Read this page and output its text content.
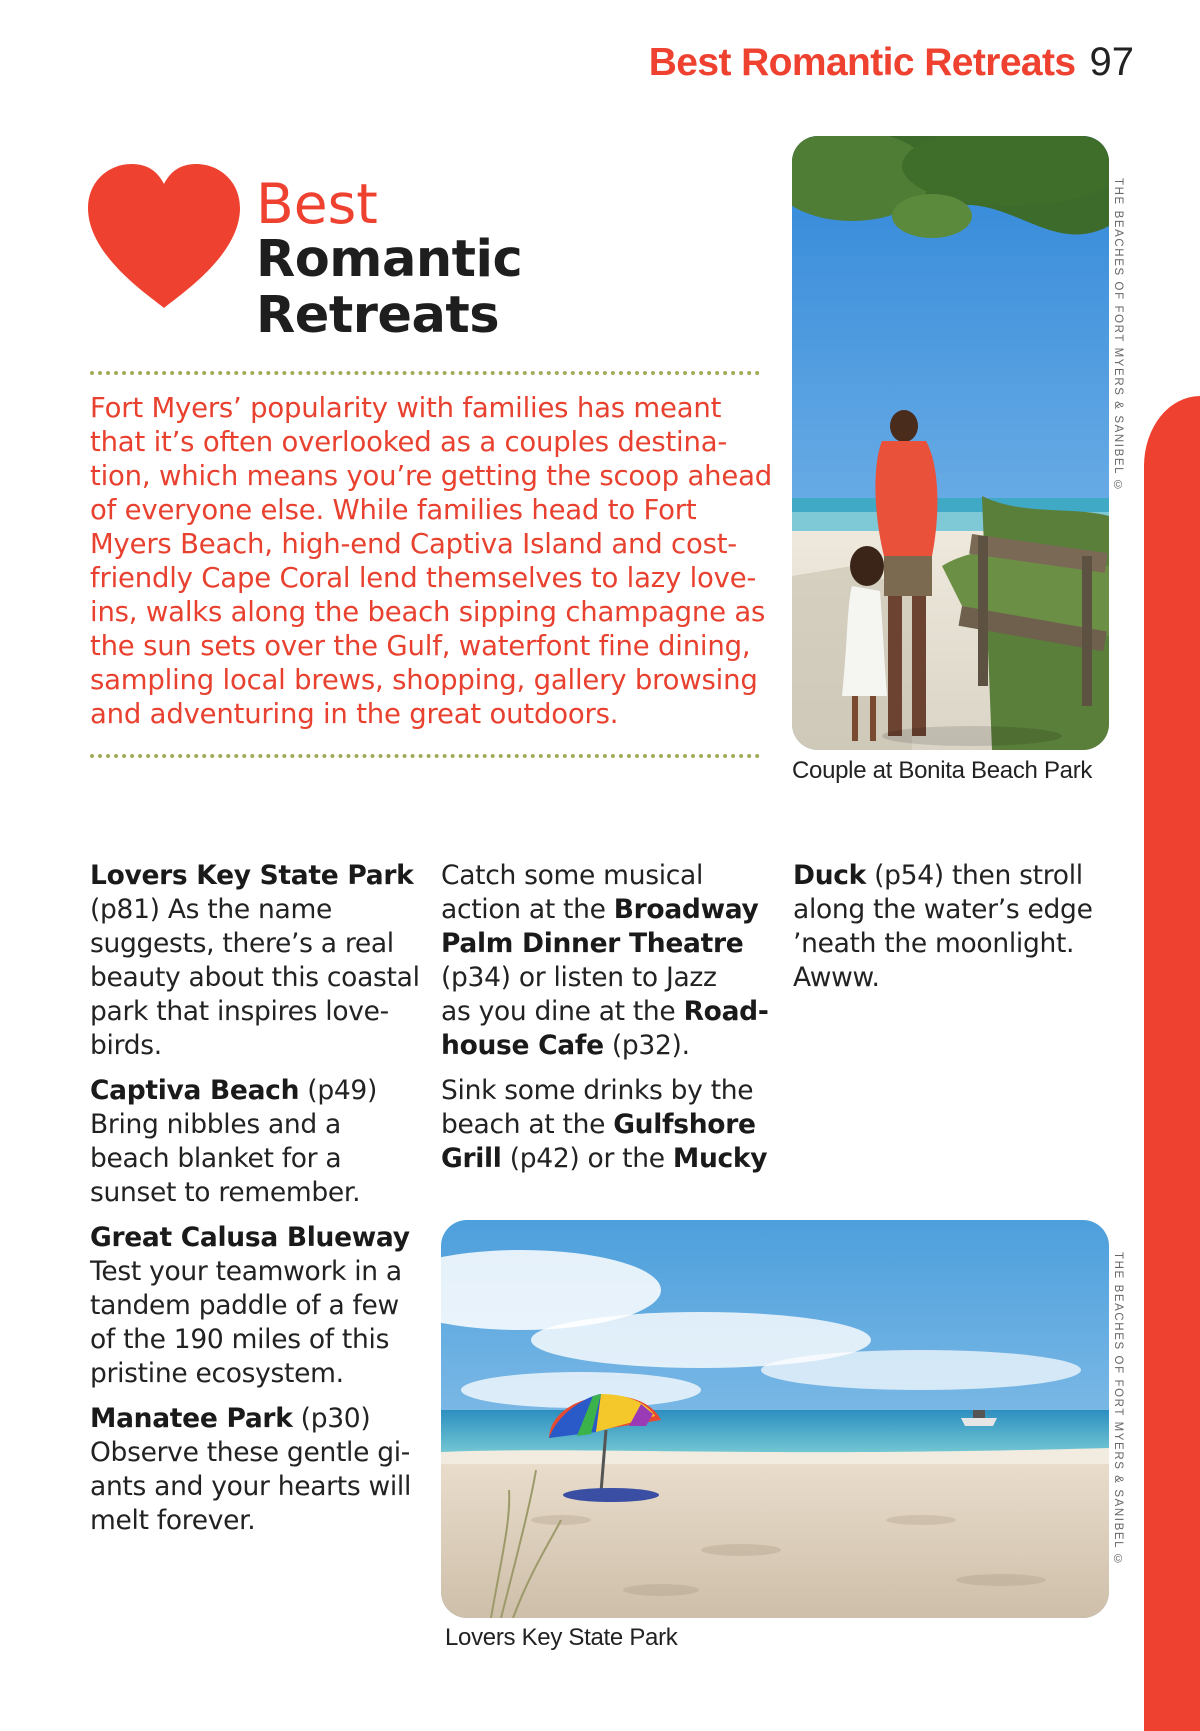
Best Romantic Retreats 97
Best
Romantic
Retreats
Fort Myers’ popularity with families has meant
that it’s often overlooked as a couples destina-
tion, which means you’re getting the scoop ahead
of everyone else. While families head to Fort
Myers Beach, high-end Captiva Island and cost-
friendly Cape Coral lend themselves to lazy love-
ins, walks along the beach sipping champagne as
the sun sets over the Gulf, waterfont fine dining,
sampling local brews, shopping, gallery browsing
and adventuring in the great outdoors.
THE BEACHES OF FORT MYERS & SANIBEL ©
Couple at Bonita Beach Park

Lovers Key State Park
(p81) As the name
suggests, there’s a real
beauty about this coastal
park that inspires love-
birds.

Captiva Beach (p49)
Bring nibbles and a
beach blanket for a
sunset to remember.

Great Calusa Blueway
Test your teamwork in a
tandem paddle of a few
of the 190 miles of this
pristine ecosystem.

Manatee Park (p30)
Observe these gentle gi-
ants and your hearts will
melt forever.

Catch some musical
action at the Broadway
Palm Dinner Theatre
(p34) or listen to Jazz
as you dine at the Road-
house Cafe (p32).

Sink some drinks by the
beach at the Gulfshore
Grill (p42) or the Mucky

Duck (p54) then stroll
along the water’s edge
’neath the moonlight.
Awww.

THE BEACHES OF FORT MYERS & SANIBEL ©
Lovers Key State Park
